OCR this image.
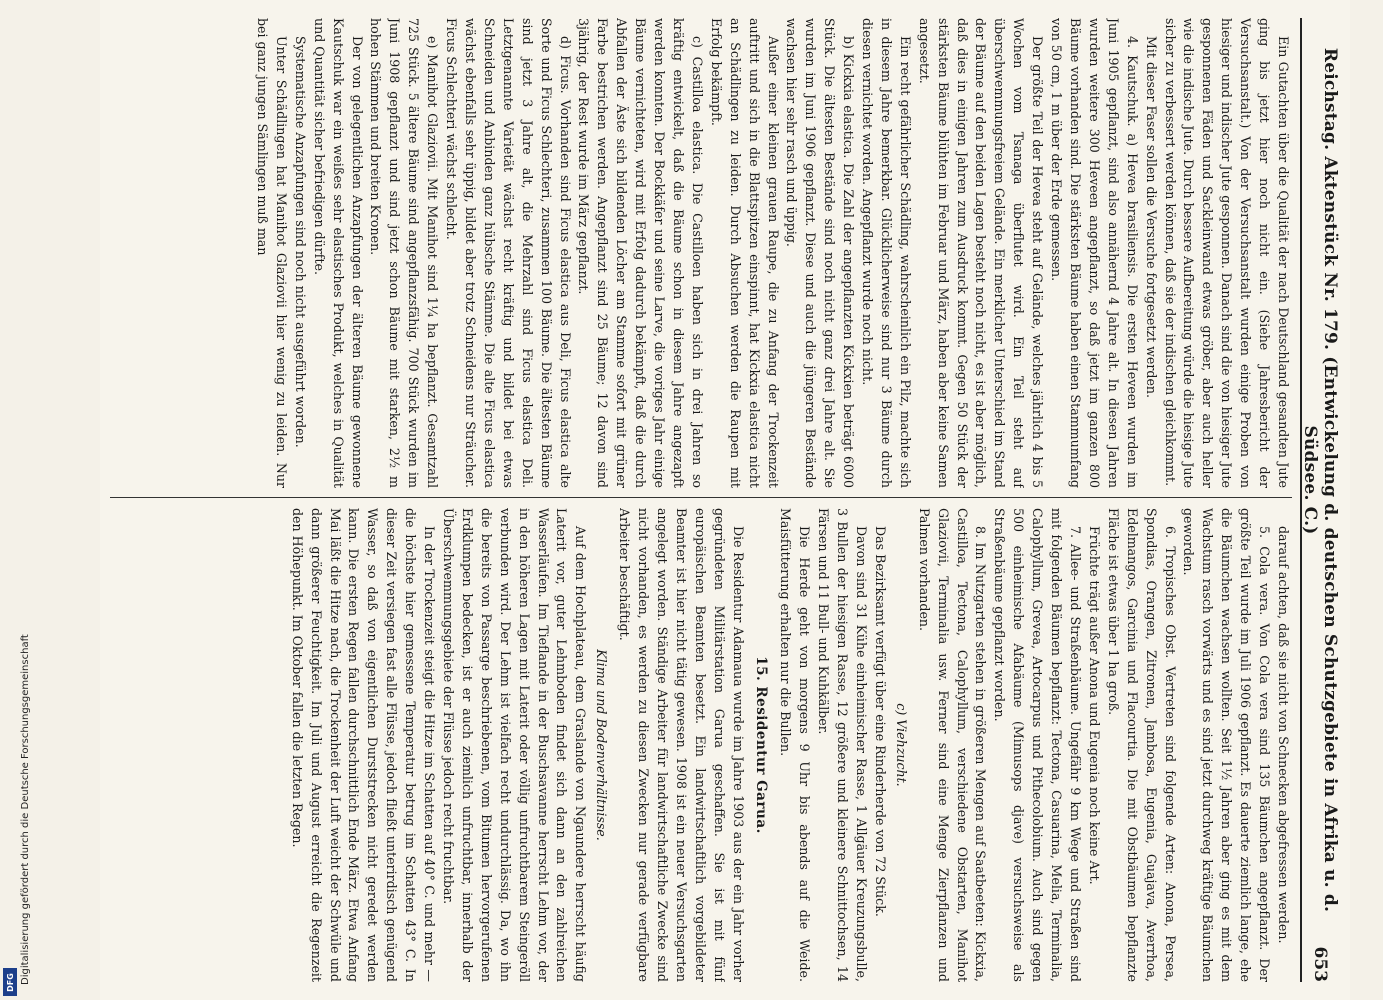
Digitalisierung gefördert durch die Deutsche Forschungsgemeinschaft
DFG
Reichstag. Aktenstück Nr. 179. (Entwickelung d. deutschen Schutzgebiete in Afrika u. d. Südsee. C.)
653

Ein Gutachten über die Qualität der nach Deutschland gesandten Jute ging bis jetzt hier noch nicht ein. (Siehe Jahresbericht der Versuchsanstalt.) Von der Versuchsanstalt wurden einige Proben von hiesiger und indischer Jute gesponnen. Danach sind die von hiesiger Jute gesponnenen Fäden und Sackleinwand etwas gröber, aber auch heller wie die indische Jute. Durch bessere Aufbereitung würde die hiesige Jute sicher zu verbessert werden können, daß sie der indischen gleichkommt.

Mit dieser Faser sollen die Versuche fortgesetzt werden.

4. Kautschuk. a) Hevea brasiliensis. Die ersten Heveen wurden im Juni 1905 gepflanzt, sind also annähernd 4 Jahre alt. In diesen Jahren wurden weitere 300 Heveen angepflanzt, so daß jetzt im ganzen 800 Bäume vorhanden sind. Die stärksten Bäume haben einen Stammumfang von 50 cm, 1 m über der Erde gemessen.

Der größte Teil der Hevea steht auf Gelände, welches jährlich 4 bis 5 Wochen vom Tsanaga überflutet wird. Ein Teil steht auf überschwemmungsfreiem Gelände. Ein merklicher Unterschied im Stand der Bäume auf den beiden Lagen besteht noch nicht, es ist aber möglich, daß dies in einigen Jahren zum Ausdruck kommt. Gegen 50 Stück der stärksten Bäume blühten im Februar und März, haben aber keine Samen angesetzt.

Ein recht gefährlicher Schädling, wahrscheinlich ein Pilz, machte sich in diesem Jahre bemerkbar. Glücklicherweise sind nur 3 Bäume durch diesen vernichtet worden. Angepflanzt wurde noch nicht.

b) Kickxia elastica. Die Zahl der angepflanzten Kickxien beträgt 6000 Stück. Die ältesten Bestände sind noch nicht ganz drei Jahre alt. Sie wurden im Juni 1906 gepflanzt. Diese und auch die jüngeren Bestände wachsen hier sehr rasch und üppig.

Außer einer kleinen grauen Raupe, die zu Anfang der Trockenzeit auftritt und sich in die Blattspitzen einspinnt, hat Kickxia elastica nicht an Schädlingen zu leiden. Durch Absuchen werden die Raupen mit Erfolg bekämpft.

c) Castilloa elastica. Die Castilloen haben sich in drei Jahren so kräftig entwickelt, daß die Bäume schon in diesem Jahre angezapft werden konnten. Der Bockkäfer und seine Larve, die voriges Jahr einige Bäume vernichteten, wird mit Erfolg dadurch bekämpft, daß die durch Abfallen der Äste sich bildenden Löcher am Stamme sofort mit grüner Farbe bestrichen werden. Angepflanzt sind 25 Bäume; 12 davon sind 3jährig, der Rest wurde im März gepflanzt.

d) Ficus. Vorhanden sind Ficus elastica aus Deli, Ficus elastica alte Sorte und Ficus Schlechteri, zusammen 100 Bäume. Die ältesten Bäume sind jetzt 3 Jahre alt, die Mehrzahl sind Ficus elastica Deli. Letztgenannte Varietät wächst recht kräftig und bildet bei etwas Schneiden und Anbinden ganz hübsche Stämme. Die alte Ficus elastica wächst ebenfalls sehr üppig, bildet aber trotz Schneidens nur Sträucher. Ficus Schlechteri wächst schlecht.

e) Manihot Glaziovii. Mit Manihot sind 1¼ ha bepflanzt. Gesamtzahl 725 Stück. 5 ältere Bäume sind angepflanzsfähig. 700 Stück wurden im Juni 1908 gepflanzt und sind jetzt schon Bäume mit starken, 2½ m hohen Stämmen und breiten Kronen.

Der von gelegentlichen Anzapfungen der älteren Bäume gewonnene Kautschuk war ein weißes sehr elastisches Produkt, welches in Qualität und Quantität sicher befriedigen dürfte.

Systematische Anzapfungen sind noch nicht ausgeführt worden.

Unter Schädlingen hat Manihot Glaziovii hier wenig zu leiden. Nur bei ganz jungen Sämlingen muß man

darauf achten, daß sie nicht von Schnecken abgefressen werden.

5. Cola vera. Von Cola vera sind 135 Bäumchen angepflanzt. Der größte Teil wurde im Juli 1906 gepflanzt. Es dauerte ziemlich lange, ehe die Bäumchen wachsen wollten. Seit 1½ Jahren aber ging es mit dem Wachstum rasch vorwärts und es sind jetzt durchweg kräftige Bäumchen geworden.

6. Tropisches Obst. Vertreten sind folgende Arten: Anona, Persea, Spondias, Orangen, Zitronen, Jambosa, Eugenia, Guajava, Averrhoa, Edelmangos, Garcinia und Flacourtia. Die mit Obstbäumen bepflanzte Fläche ist etwas über 1 ha groß.

Früchte trägt außer Anona und Eugenia noch keine Art.

7. Allee- und Straßenbäume. Ungefähr 9 km Wege und Straßen sind mit folgenden Bäumen bepflanzt: Tectona, Casuarina, Melia, Terminalia, Calophyllum, Grevea, Artocarpus und Pithecolobium. Auch sind gegen 500 einheimische Afabäume (Mimusops djave) versuchsweise als Straßenbäume gepflanzt worden.

8. Im Nutzgarten stehen in größeren Mengen auf Saatbeeten: Kickxia, Castilloa, Tectona, Calophyllum, verschiedene Obstarten, Manihot Glaziovii, Terminalia usw. Ferner sind eine Menge Zierpflanzen und Palmen vorhanden.

c) Viehzucht.

Das Bezirksamt verfügt über eine Rinderherde von 72 Stück.

Davon sind 31 Kühe einheimischer Rasse, 1 Allgäuer Kreuzungsbulle, 3 Bullen der hiesigen Rasse, 12 größere und kleinere Schnittochsen, 14 Färsen und 11 Bull- und Kuhkälber.

Die Herde geht von morgens 9 Uhr bis abends auf die Weide. Maisfütterung erhalten nur die Bullen.

15. Residentur Garua.

Die Residentur Adamaua wurde im Jahre 1903 aus der ein Jahr vorher gegründeten Militärstation Garua geschaffen. Sie ist mit fünf europäischen Beamten besetzt. Ein landwirtschaftlich vorgebildeter Beamter ist hier nicht tätig gewesen. 1908 ist ein neuer Versuchsgarten angelegt worden. Ständige Arbeiter für landwirtschaftliche Zwecke sind nicht vorhanden, es werden zu diesen Zwecken nur gerade verfügbare Arbeiter beschäftigt.

Klima und Bodenverhältnisse.

Auf dem Hochplateau, dem Graslande von Ngaundere herrscht häufig Laterit vor, guter Lehmboden findet sich dann an den zahlreichen Wasserläufen. Im Tieflande in der Buschsavanne herrscht Lehm vor, der in den höheren Lagen mit Laterit oder völlig unfruchtbarem Steingeröll verbunden wird. Der Lehm ist vielfach recht undurchlässig. Da, wo ihn die bereits von Passarge beschriebenen, vom Bitumen hervorgerufenen Erdklumpen bedecken, ist er auch ziemlich unfruchtbar, innerhalb der Überschwemmungsgebiete der Flüsse jedoch recht fruchtbar.

In der Trockenzeit steigt die Hitze im Schatten auf 40° C. und mehr — die höchste hier gemessene Temperatur betrug im Schatten 43° C. In dieser Zeit versiegen fast alle Flüsse, jedoch fließt unterirdisch genügend Wasser, so daß von eigentlichen Durststrecken nicht geredet werden kann. Die ersten Regen fallen durchschnittlich Ende März. Etwa Anfang Mai läßt die Hitze nach, die Trockenheit der Luft weicht der Schwüle und dann größerer Feuchtigkeit. Im Juli und August erreicht die Regenzeit den Höhepunkt. Im Oktober fallen die letzten Regen.
